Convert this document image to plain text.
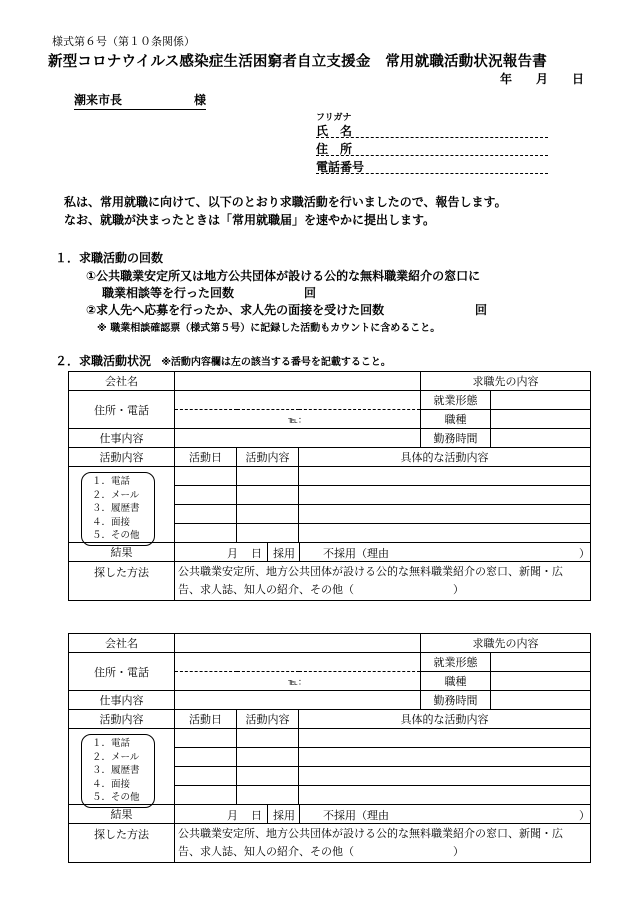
様式第６号（第１０条関係）
新型コロナウイルス感染症生活困窮者自立支援金　常用就職活動状況報告書
年 月 日
潮来市長	様
フリガナ
氏　名
住　所
電話番号
私は、常用就職に向けて、以下のとおり求職活動を行いましたので、報告します。
なお、就職が決まったときは「常用就職届」を速やかに提出します。
１．求職活動の回数
①公共職業安定所又は地方公共団体が設ける公的な無料職業紹介の窓口に
職業相談等を行った回数	回
②求人先へ応募を行ったか、求人先の面接を受けた回数	回
※ 職業相談確認票（様式第５号）に記録した活動もカウントに含めること。
２．求職活動状況 ※活動内容欄は左の該当する番号を記載すること。
会社名				求職先の内容	
住所・電話				就業形態	
	℡：			職種	
仕事内容				勤務時間	
活動内容	活動日	活動内容	具体的な活動内容		

１．電話
２．メール
３．履歴書
４．面接
５．その他					

結果	月 日 採用 不採用（理由 ）				

探した方法	公共職業安定所、地方公共団体が設ける公的な無料職業紹介の窓口、新聞・広
告、求人誌、知人の紹介、その他（　　　　　　　　　）				
会社名				求職先の内容	
住所・電話				就業形態	
	℡：			職種	
仕事内容				勤務時間	
活動内容	活動日	活動内容	具体的な活動内容		

１．電話
２．メール
３．履歴書
４．面接
５．その他					

結果	月 日 採用 不採用（理由 ）				

探した方法	公共職業安定所、地方公共団体が設ける公的な無料職業紹介の窓口、新聞・広
告、求人誌、知人の紹介、その他（　　　　　　　　　）				
